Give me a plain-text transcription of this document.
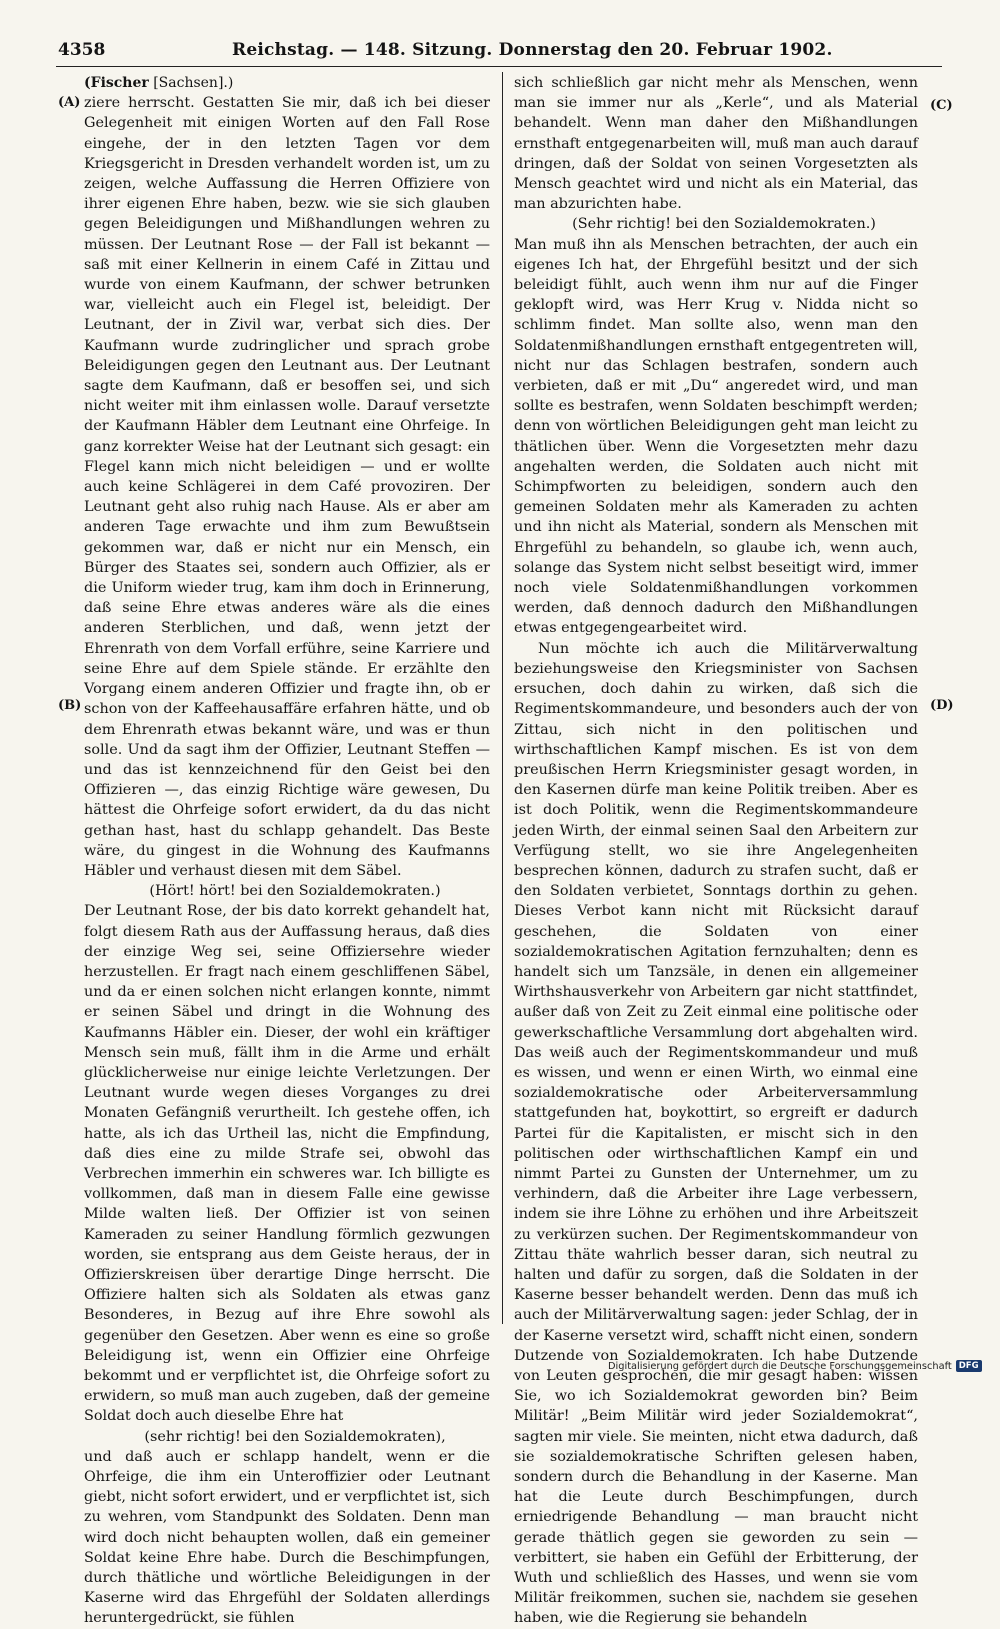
4358	Reichstag. — 148. Sitzung. Donnerstag den 20. Februar 1902.
(A)
(B)
(C)
(D)

(Fischer [Sachsen].)

ziere herrscht. Gestatten Sie mir, daß ich bei dieser Gelegenheit mit einigen Worten auf den Fall Rose eingehe, der in den letzten Tagen vor dem Kriegsgericht in Dresden verhandelt worden ist, um zu zeigen, welche Auffassung die Herren Offiziere von ihrer eigenen Ehre haben, bezw. wie sie sich glauben gegen Beleidigungen und Mißhandlungen wehren zu müssen. Der Leutnant Rose — der Fall ist bekannt — saß mit einer Kellnerin in einem Café in Zittau und wurde von einem Kaufmann, der schwer betrunken war, vielleicht auch ein Flegel ist, beleidigt. Der Leutnant, der in Zivil war, verbat sich dies. Der Kaufmann wurde zudringlicher und sprach grobe Beleidigungen gegen den Leutnant aus. Der Leutnant sagte dem Kaufmann, daß er besoffen sei, und sich nicht weiter mit ihm einlassen wolle. Darauf versetzte der Kaufmann Häbler dem Leutnant eine Ohrfeige. In ganz korrekter Weise hat der Leutnant sich gesagt: ein Flegel kann mich nicht beleidigen — und er wollte auch keine Schlägerei in dem Café provoziren. Der Leutnant geht also ruhig nach Hause. Als er aber am anderen Tage erwachte und ihm zum Bewußtsein gekommen war, daß er nicht nur ein Mensch, ein Bürger des Staates sei, sondern auch Offizier, als er die Uniform wieder trug, kam ihm doch in Erinnerung, daß seine Ehre etwas anderes wäre als die eines anderen Sterblichen, und daß, wenn jetzt der Ehrenrath von dem Vorfall erführe, seine Karriere und seine Ehre auf dem Spiele stände. Er erzählte den Vorgang einem anderen Offizier und fragte ihn, ob er schon von der Kaffeehausaffäre erfahren hätte, und ob dem Ehrenrath etwas bekannt wäre, und was er thun solle. Und da sagt ihm der Offizier, Leutnant Steffen — und das ist kennzeichnend für den Geist bei den Offizieren —, das einzig Richtige wäre gewesen, Du hättest die Ohrfeige sofort erwidert, da du das nicht gethan hast, hast du schlapp gehandelt. Das Beste wäre, du gingest in die Wohnung des Kaufmanns Häbler und verhaust diesen mit dem Säbel.

(Hört! hört! bei den Sozialdemokraten.)

Der Leutnant Rose, der bis dato korrekt gehandelt hat, folgt diesem Rath aus der Auffassung heraus, daß dies der einzige Weg sei, seine Offiziersehre wieder herzustellen. Er fragt nach einem geschliffenen Säbel, und da er einen solchen nicht erlangen konnte, nimmt er seinen Säbel und dringt in die Wohnung des Kaufmanns Häbler ein. Dieser, der wohl ein kräftiger Mensch sein muß, fällt ihm in die Arme und erhält glücklicherweise nur einige leichte Verletzungen. Der Leutnant wurde wegen dieses Vorganges zu drei Monaten Gefängniß verurtheilt. Ich gestehe offen, ich hatte, als ich das Urtheil las, nicht die Empfindung, daß dies eine zu milde Strafe sei, obwohl das Verbrechen immerhin ein schweres war. Ich billigte es vollkommen, daß man in diesem Falle eine gewisse Milde walten ließ. Der Offizier ist von seinen Kameraden zu seiner Handlung förmlich gezwungen worden, sie entsprang aus dem Geiste heraus, der in Offizierskreisen über derartige Dinge herrscht. Die Offiziere halten sich als Soldaten als etwas ganz Besonderes, in Bezug auf ihre Ehre sowohl als gegenüber den Gesetzen. Aber wenn es eine so große Beleidigung ist, wenn ein Offizier eine Ohrfeige bekommt und er verpflichtet ist, die Ohrfeige sofort zu erwidern, so muß man auch zugeben, daß der gemeine Soldat doch auch dieselbe Ehre hat

(sehr richtig! bei den Sozialdemokraten),

und daß auch er schlapp handelt, wenn er die Ohrfeige, die ihm ein Unteroffizier oder Leutnant giebt, nicht sofort erwidert, und er verpflichtet ist, sich zu wehren, vom Standpunkt des Soldaten. Denn man wird doch nicht behaupten wollen, daß ein gemeiner Soldat keine Ehre habe. Durch die Beschimpfungen, durch thätliche und wörtliche Beleidigungen in der Kaserne wird das Ehrgefühl der Soldaten allerdings heruntergedrückt, sie fühlen

sich schließlich gar nicht mehr als Menschen, wenn man sie immer nur als „Kerle“, und als Material behandelt. Wenn man daher den Mißhandlungen ernsthaft entgegenarbeiten will, muß man auch darauf dringen, daß der Soldat von seinen Vorgesetzten als Mensch geachtet wird und nicht als ein Material, das man abzurichten habe.

(Sehr richtig! bei den Sozialdemokraten.)

Man muß ihn als Menschen betrachten, der auch ein eigenes Ich hat, der Ehrgefühl besitzt und der sich beleidigt fühlt, auch wenn ihm nur auf die Finger geklopft wird, was Herr Krug v. Nidda nicht so schlimm findet. Man sollte also, wenn man den Soldatenmißhandlungen ernsthaft entgegentreten will, nicht nur das Schlagen bestrafen, sondern auch verbieten, daß er mit „Du“ angeredet wird, und man sollte es bestrafen, wenn Soldaten beschimpft werden; denn von wörtlichen Beleidigungen geht man leicht zu thätlichen über. Wenn die Vorgesetzten mehr dazu angehalten werden, die Soldaten auch nicht mit Schimpfworten zu beleidigen, sondern auch den gemeinen Soldaten mehr als Kameraden zu achten und ihn nicht als Material, sondern als Menschen mit Ehrgefühl zu behandeln, so glaube ich, wenn auch, solange das System nicht selbst beseitigt wird, immer noch viele Soldatenmißhandlungen vorkommen werden, daß dennoch dadurch den Mißhandlungen etwas entgegengearbeitet wird.

Nun möchte ich auch die Militärverwaltung beziehungsweise den Kriegsminister von Sachsen ersuchen, doch dahin zu wirken, daß sich die Regimentskommandeure, und besonders auch der von Zittau, sich nicht in den politischen und wirthschaftlichen Kampf mischen. Es ist von dem preußischen Herrn Kriegsminister gesagt worden, in den Kasernen dürfe man keine Politik treiben. Aber es ist doch Politik, wenn die Regimentskommandeure jeden Wirth, der einmal seinen Saal den Arbeitern zur Verfügung stellt, wo sie ihre Angelegenheiten besprechen können, dadurch zu strafen sucht, daß er den Soldaten verbietet, Sonntags dorthin zu gehen. Dieses Verbot kann nicht mit Rücksicht darauf geschehen, die Soldaten von einer sozialdemokratischen Agitation fernzuhalten; denn es handelt sich um Tanzsäle, in denen ein allgemeiner Wirthshausverkehr von Arbeitern gar nicht stattfindet, außer daß von Zeit zu Zeit einmal eine politische oder gewerkschaftliche Versammlung dort abgehalten wird. Das weiß auch der Regimentskommandeur und muß es wissen, und wenn er einen Wirth, wo einmal eine sozialdemokratische oder Arbeiterversammlung stattgefunden hat, boykottirt, so ergreift er dadurch Partei für die Kapitalisten, er mischt sich in den politischen oder wirthschaftlichen Kampf ein und nimmt Partei zu Gunsten der Unternehmer, um zu verhindern, daß die Arbeiter ihre Lage verbessern, indem sie ihre Löhne zu erhöhen und ihre Arbeitszeit zu verkürzen suchen. Der Regimentskommandeur von Zittau thäte wahrlich besser daran, sich neutral zu halten und dafür zu sorgen, daß die Soldaten in der Kaserne besser behandelt werden. Denn das muß ich auch der Militärverwaltung sagen: jeder Schlag, der in der Kaserne versetzt wird, schafft nicht einen, sondern Dutzende von Sozialdemokraten. Ich habe Dutzende von Leuten gesprochen, die mir gesagt haben: wissen Sie, wo ich Sozialdemokrat geworden bin? Beim Militär! „Beim Militär wird jeder Sozialdemokrat“, sagten mir viele. Sie meinten, nicht etwa dadurch, daß sie sozialdemokratische Schriften gelesen haben, sondern durch die Behandlung in der Kaserne. Man hat die Leute durch Beschimpfungen, durch erniedrigende Behandlung — man braucht nicht gerade thätlich gegen sie geworden zu sein — verbittert, sie haben ein Gefühl der Erbitterung, der Wuth und schließlich des Hasses, und wenn sie vom Militär freikommen, suchen sie, nachdem sie gesehen haben, wie die Regierung sie behandeln

Digitalisierung gefördert durch die Deutsche Forschungsgemeinschaft DFG
